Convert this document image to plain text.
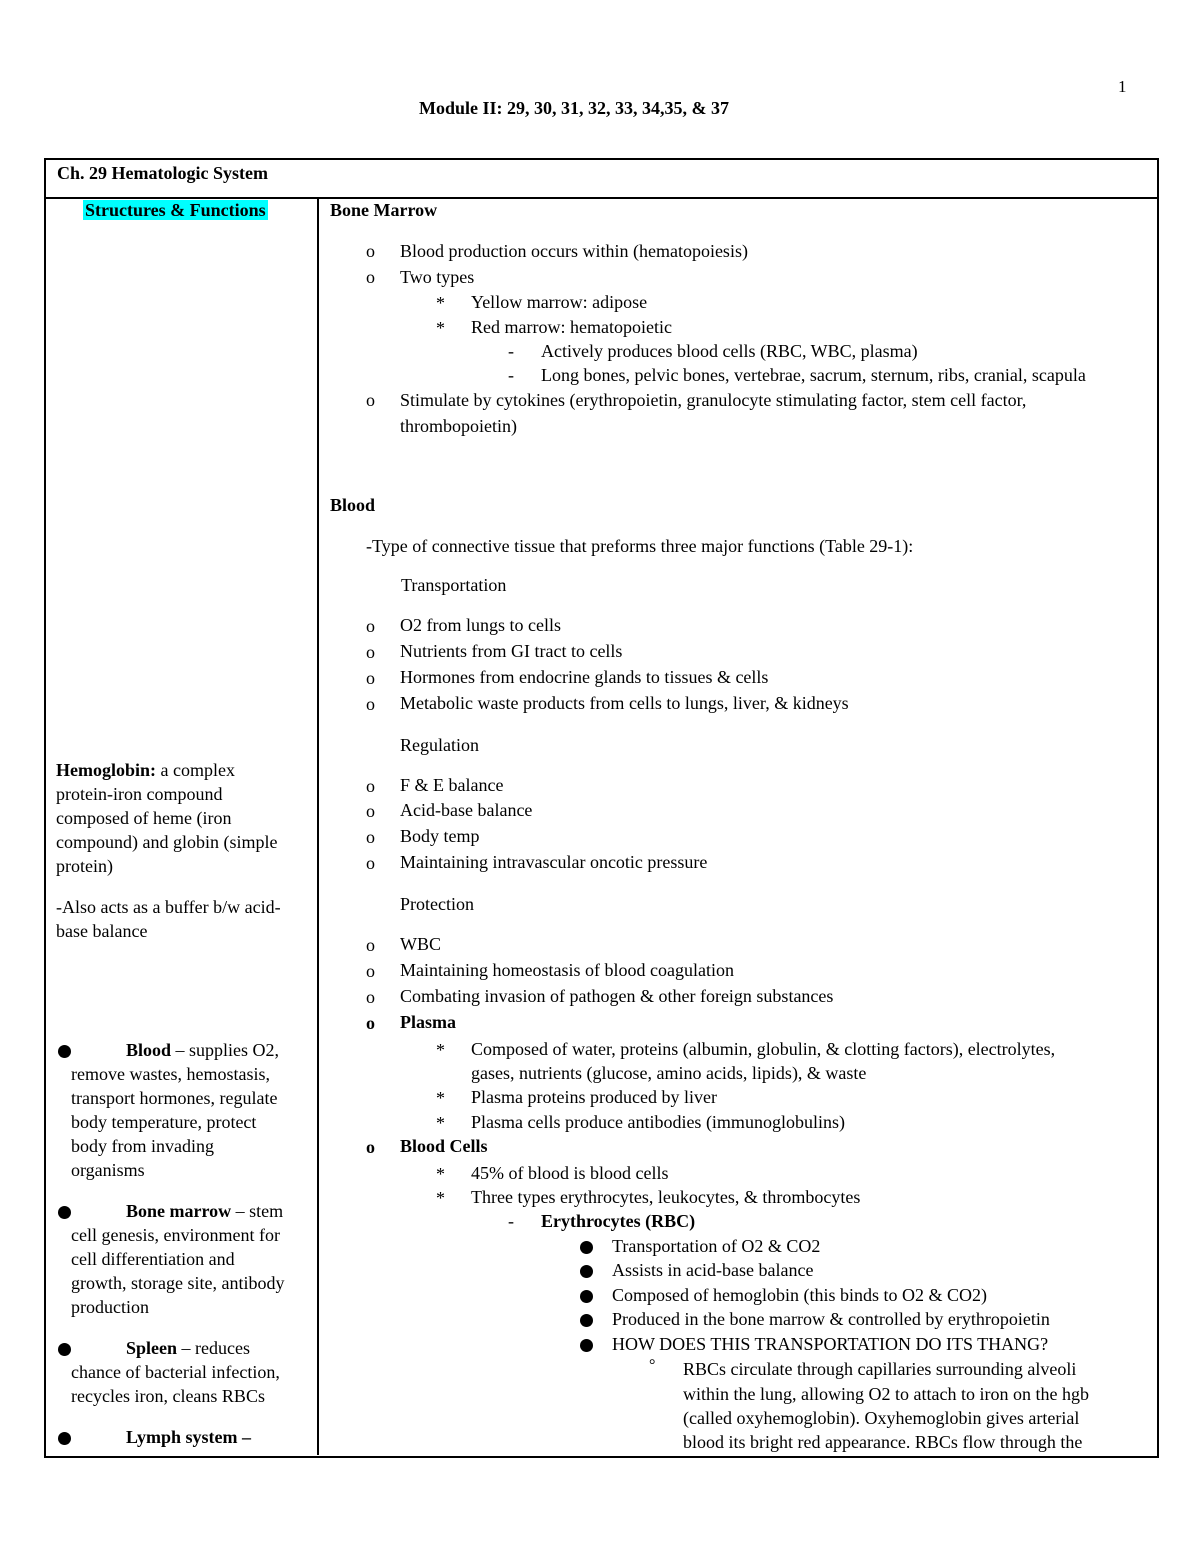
1
Module II: 29, 30, 31, 32, 33, 34,35, & 37
Ch. 29 Hematologic System
Structures & Functions
Hemoglobin: a complex
protein-iron compound
composed of heme (iron
compound) and globin (simple
protein)
-Also acts as a buffer b/w acid-
base balance
Blood – supplies O2,
remove wastes, hemostasis,
transport hormones, regulate
body temperature, protect
body from invading
organisms
Bone marrow – stem
cell genesis, environment for
cell differentiation and
growth, storage site, antibody
production
Spleen – reduces
chance of bacterial infection,
recycles iron, cleans RBCs
Lymph system –
Bone Marrow
o Blood production occurs within (hematopoiesis)
o Two types
* Yellow marrow: adipose
* Red marrow: hematopoietic
- Actively produces blood cells (RBC, WBC, plasma)
- Long bones, pelvic bones, vertebrae, sacrum, sternum, ribs, cranial, scapula
o Stimulate by cytokines (erythropoietin, granulocyte stimulating factor, stem cell factor,
thrombopoietin)
Blood
-Type of connective tissue that preforms three major functions (Table 29-1):
Transportation
o O2 from lungs to cells
o Nutrients from GI tract to cells
o Hormones from endocrine glands to tissues & cells
o Metabolic waste products from cells to lungs, liver, & kidneys
Regulation
o F & E balance
o Acid-base balance
o Body temp
o Maintaining intravascular oncotic pressure
Protection
o WBC
o Maintaining homeostasis of blood coagulation
o Combating invasion of pathogen & other foreign substances
o Plasma
* Composed of water, proteins (albumin, globulin, & clotting factors), electrolytes,
gases, nutrients (glucose, amino acids, lipids), & waste
* Plasma proteins produced by liver
* Plasma cells produce antibodies (immunoglobulins)
o Blood Cells
* 45% of blood is blood cells
* Three types erythrocytes, leukocytes, & thrombocytes
- Erythrocytes (RBC)
Transportation of O2 & CO2
Assists in acid-base balance
Composed of hemoglobin (this binds to O2 & CO2)
Produced in the bone marrow & controlled by erythropoietin
HOW DOES THIS TRANSPORTATION DO ITS THANG?
° RBCs circulate through capillaries surrounding alveoli
within the lung, allowing O2 to attach to iron on the hgb
(called oxyhemoglobin). Oxyhemoglobin gives arterial
blood its bright red appearance. RBCs flow through the
